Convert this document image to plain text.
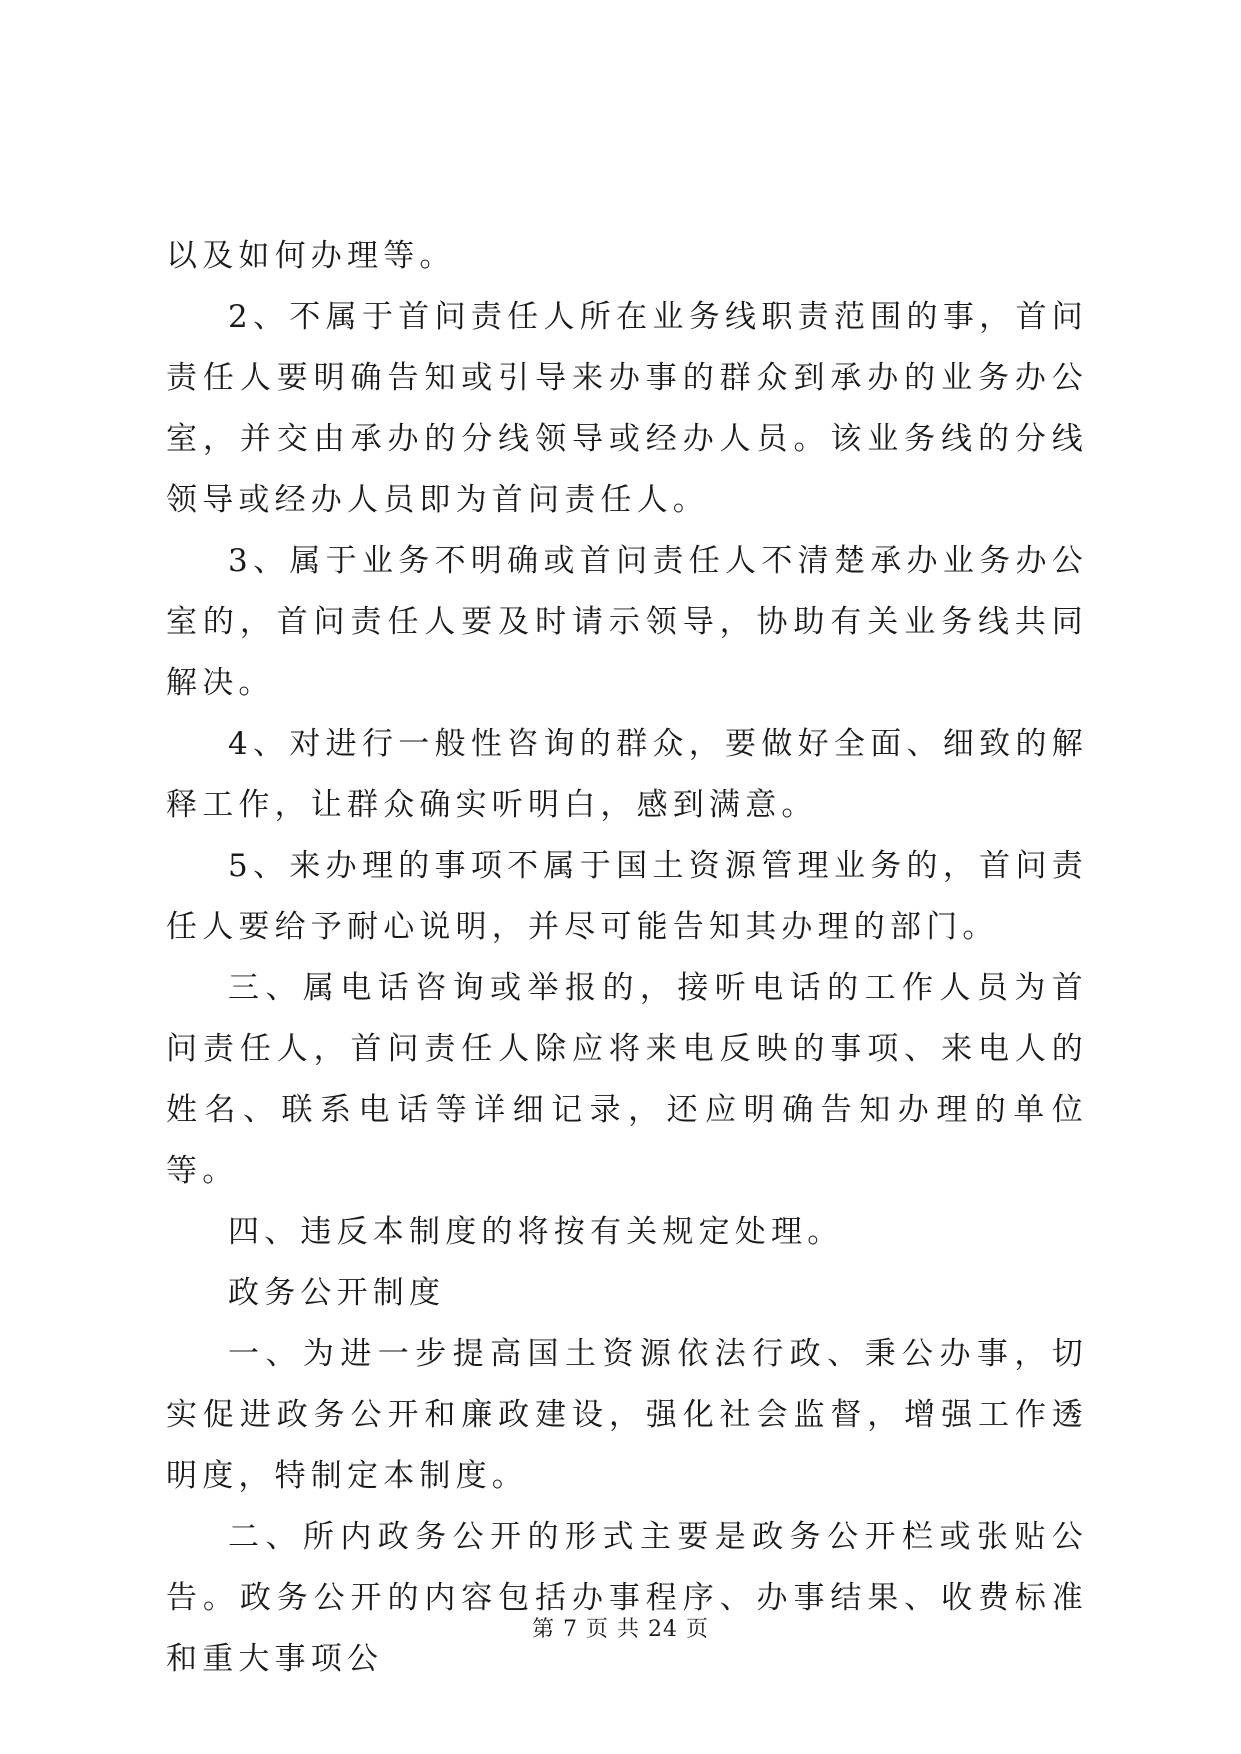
以及如何办理等。

2、不属于首问责任人所在业务线职责范围的事，首问责任人要明确告知或引导来办事的群众到承办的业务办公室，并交由承办的分线领导或经办人员。该业务线的分线领导或经办人员即为首问责任人。

3、属于业务不明确或首问责任人不清楚承办业务办公室的，首问责任人要及时请示领导，协助有关业务线共同解决。

4、对进行一般性咨询的群众，要做好全面、细致的解释工作，让群众确实听明白，感到满意。

5、来办理的事项不属于国土资源管理业务的，首问责任人要给予耐心说明，并尽可能告知其办理的部门。

三、属电话咨询或举报的，接听电话的工作人员为首问责任人，首问责任人除应将来电反映的事项、来电人的姓名、联系电话等详细记录，还应明确告知办理的单位等。

四、违反本制度的将按有关规定处理。

政务公开制度

一、为进一步提高国土资源依法行政、秉公办事，切实促进政务公开和廉政建设，强化社会监督，增强工作透明度，特制定本制度。

二、所内政务公开的形式主要是政务公开栏或张贴公告。政务公开的内容包括办事程序、办事结果、收费标准和重大事项公

第 7 页 共 24 页
